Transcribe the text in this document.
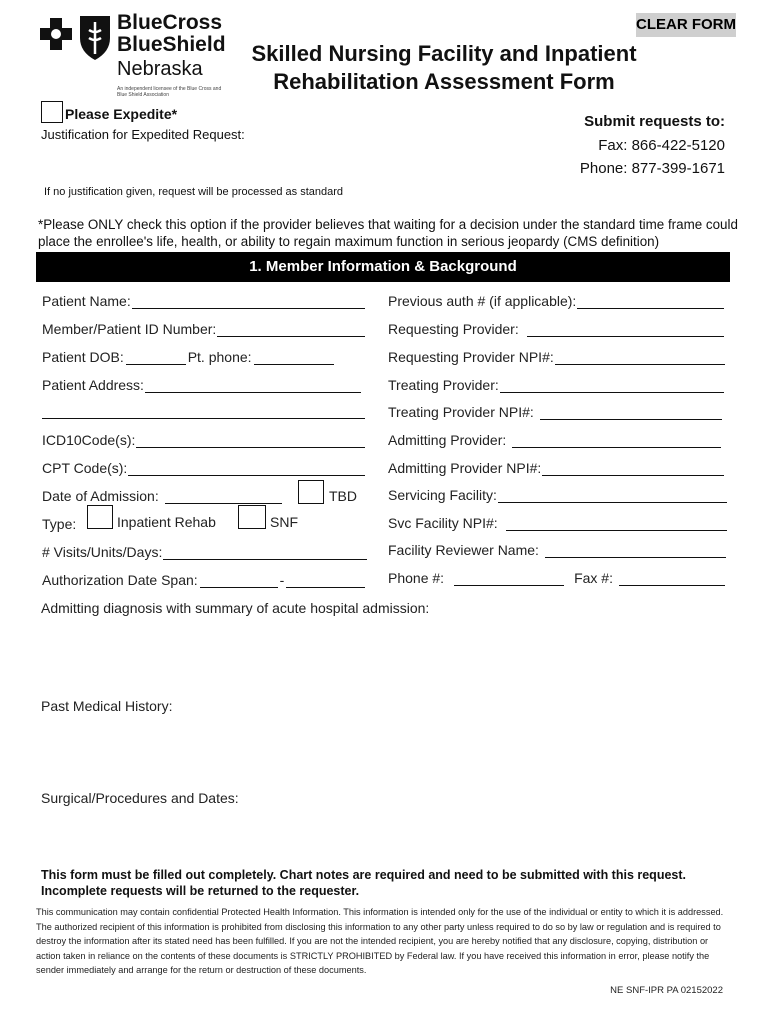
BlueCross
BlueShield
Nebraska
An independent licensee of the Blue Cross and Blue Shield Association
Skilled Nursing Facility and Inpatient
Rehabilitation Assessment Form
CLEAR FORM
Please Expedite*
Justification for Expedited Request:
If no justification given, request will be processed as standard
Submit requests to:
Fax: 866-422-5120
Phone: 877-399-1671
*Please ONLY check this option if the provider believes that waiting for a decision under the standard time frame could place the enrollee's life, health, or ability to regain maximum function in serious jeopardy (CMS definition)
1. Member Information & Background
Patient Name:
Member/Patient ID Number:
Patient DOB:	Pt. phone:
Patient Address:
ICD10Code(s):
CPT Code(s):
Date of Admission:	TBD
Type:	Inpatient Rehab	SNF
# Visits/Units/Days:
Authorization Date Span:	-
Previous auth # (if applicable):
Requesting Provider:
Requesting Provider NPI#:
Treating Provider:
Treating Provider NPI#:
Admitting Provider:
Admitting Provider NPI#:
Servicing Facility:
Svc Facility NPI#:
Facility Reviewer Name:
Phone #:	Fax #:
Admitting diagnosis with summary of acute hospital admission:
Past Medical History:
Surgical/Procedures and Dates:
This form must be filled out completely. Chart notes are required and need to be submitted with this request.
Incomplete requests will be returned to the requester.
This communication may contain confidential Protected Health Information. This information is intended only for the use of the individual or entity to which it is addressed. The authorized recipient of this information is prohibited from disclosing this information to any other party unless required to do so by law or regulation and is required to destroy the information after its stated need has been fulfilled. If you are not the intended recipient, you are hereby notified that any disclosure, copying, distribution or action taken in reliance on the contents of these documents is STRICTLY PROHIBITED by Federal law. If you have received this information in error, please notify the sender immediately and arrange for the return or destruction of these documents.
NE SNF-IPR PA 02152022
